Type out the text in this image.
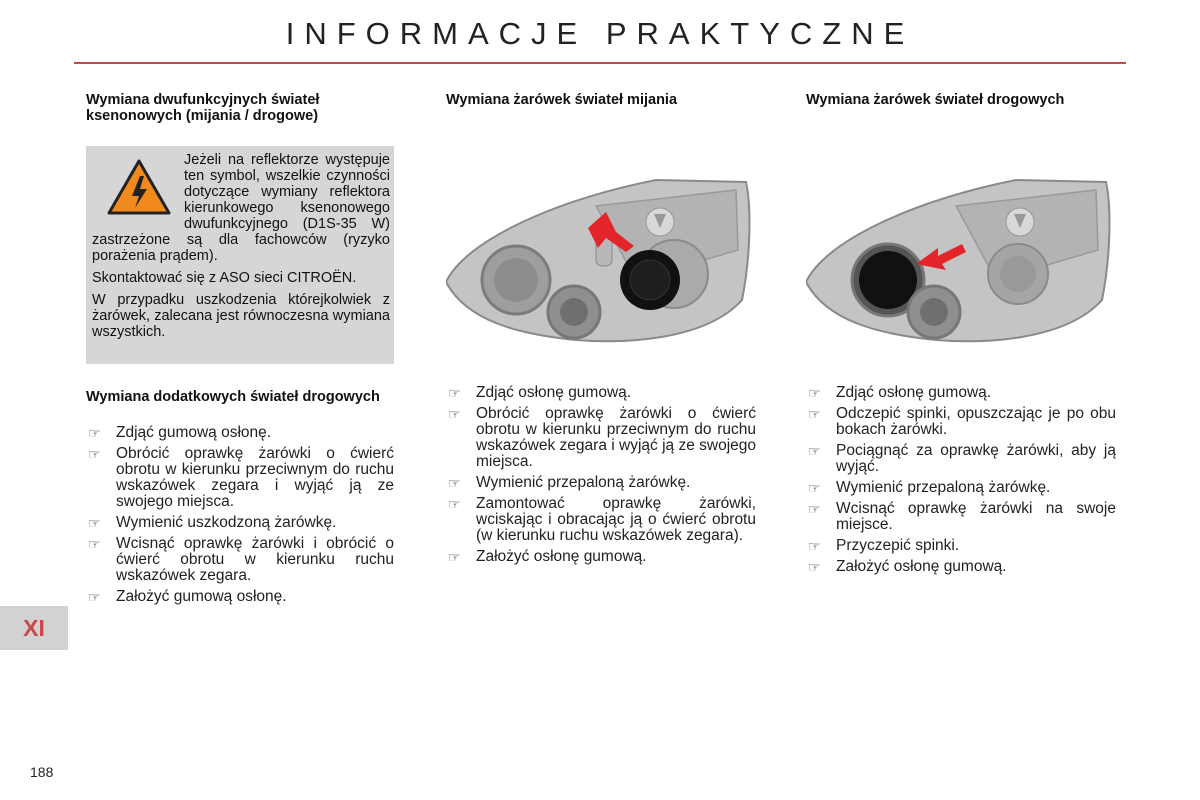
INFORMACJE PRAKTYCZNE
Wymiana dwufunkcyjnych świateł ksenonowych (mijania / drogowe)

Jeżeli na reflektorze występuje ten symbol, wszelkie czynności dotyczące wymiany reflektora kierunkowego ksenonowego dwufunkcyjnego (D1S-35 W) zastrzeżone są dla fachowców (ryzyko porażenia prądem).

Skontaktować się z ASO sieci CITROËN.

W przypadku uszkodzenia którejkolwiek z żarówek, zalecana jest równoczesna wymiana wszystkich.

Wymiana dodatkowych świateł drogowych
☞ Zdjąć gumową osłonę.
☞ Obrócić oprawkę żarówki o ćwierć obrotu w kierunku przeciwnym do ruchu wskazówek zegara i wyjąć ją ze swojego miejsca.
☞ Wymienić uszkodzoną żarówkę.
☞ Wcisnąć oprawkę żarówki i obrócić o ćwierć obrotu w kierunku ruchu wskazówek zegara.
☞ Założyć gumową osłonę.
Wymiana żarówek świateł mijania
☞ Zdjąć osłonę gumową.
☞ Obrócić oprawkę żarówki o ćwierć obrotu w kierunku przeciwnym do ruchu wskazówek zegara i wyjąć ją ze swojego miejsca.
☞ Wymienić przepaloną żarówkę.
☞ Zamontować oprawkę żarówki, wciskając i obracając ją o ćwierć obrotu (w kierunku ruchu wskazówek zegara).
☞ Założyć osłonę gumową.
Wymiana żarówek świateł drogowych
☞ Zdjąć osłonę gumową.
☞ Odczepić spinki, opuszczając je po obu bokach żarówki.
☞ Pociągnąć za oprawkę żarówki, aby ją wyjąć.
☞ Wymienić przepaloną żarówkę.
☞ Wcisnąć oprawkę żarówki na swoje miejsce.
☞ Przyczepić spinki.
☞ Założyć osłonę gumową.
XI
188
